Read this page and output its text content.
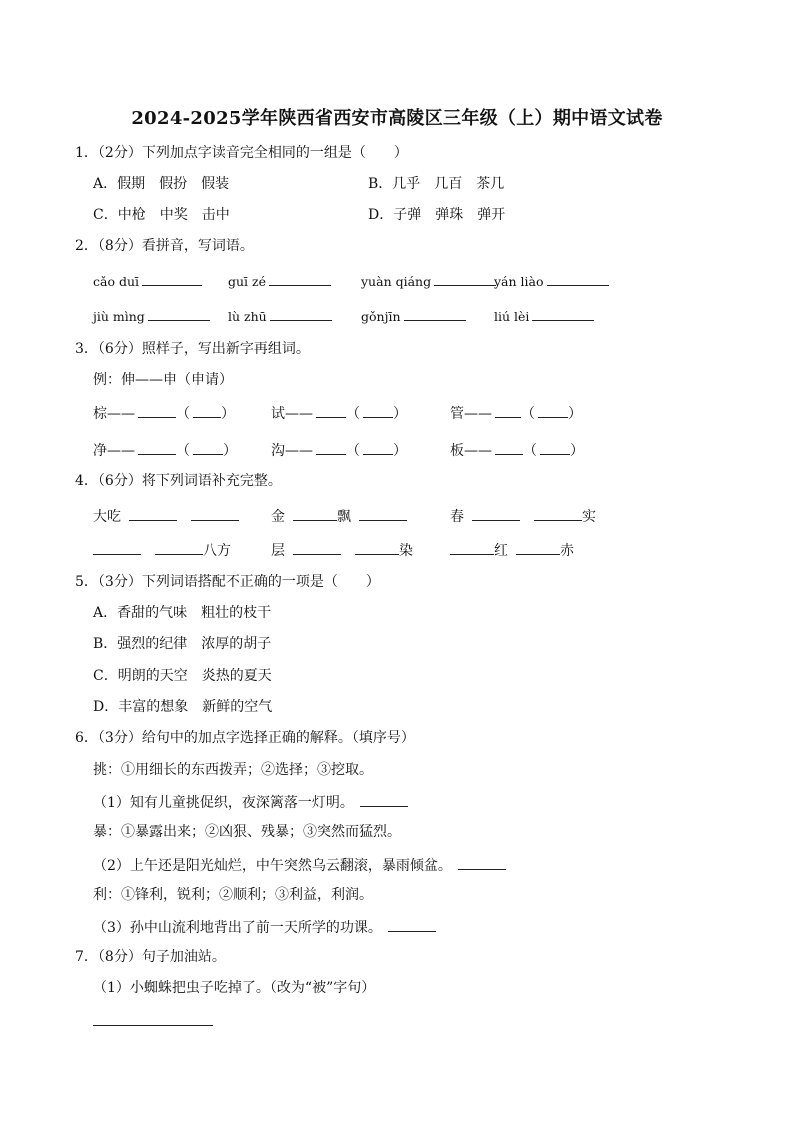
2024-2025学年陕西省西安市高陵区三年级（上）期中语文试卷
1．（2分）下列加点字读音完全相同的一组是（　　）
A．假期　假扮　假装	B．几乎　几百　茶几
C．中枪　中奖　击中	D．子弹　弹珠　弹开
2．（8分）看拼音，写词语。
cǎo duī	guī zé	yuàn qiáng	yán liào
jiù mìng	lù zhū	gǒnjīn	liú lèi
3．（6分）照样子，写出新字再组词。
例：伸——申（申请）
棕——	（ ）	试—— （ ）	管—— （ ）
净——	（ ） 沟—— （ ）	板—— （ ）
4．（6分）将下列词语补充完整。
大吃	金	飘	春	实
八方	层	染	红	赤
5．（3分）下列词语搭配不正确的一项是（　　）
A．香甜的气味　粗壮的枝干
B．强烈的纪律　浓厚的胡子
C．明朗的天空　炎热的夏天
D．丰富的想象　新鲜的空气
6．（3分）给句中的加点字选择正确的解释。（填序号）
挑：①用细长的东西拨弄；②选择；③挖取。
（1）知有儿童挑促织，夜深篱落一灯明。
暴：①暴露出来；②凶狠、残暴；③突然而猛烈。
（2）上午还是阳光灿烂，中午突然乌云翻滚，暴雨倾盆。
利：①锋利，锐利；②顺利；③利益，利润。
（3）孙中山流利地背出了前一天所学的功课。
7．（8分）句子加油站。
（1）小蜘蛛把虫子吃掉了。（改为“被”字句）
